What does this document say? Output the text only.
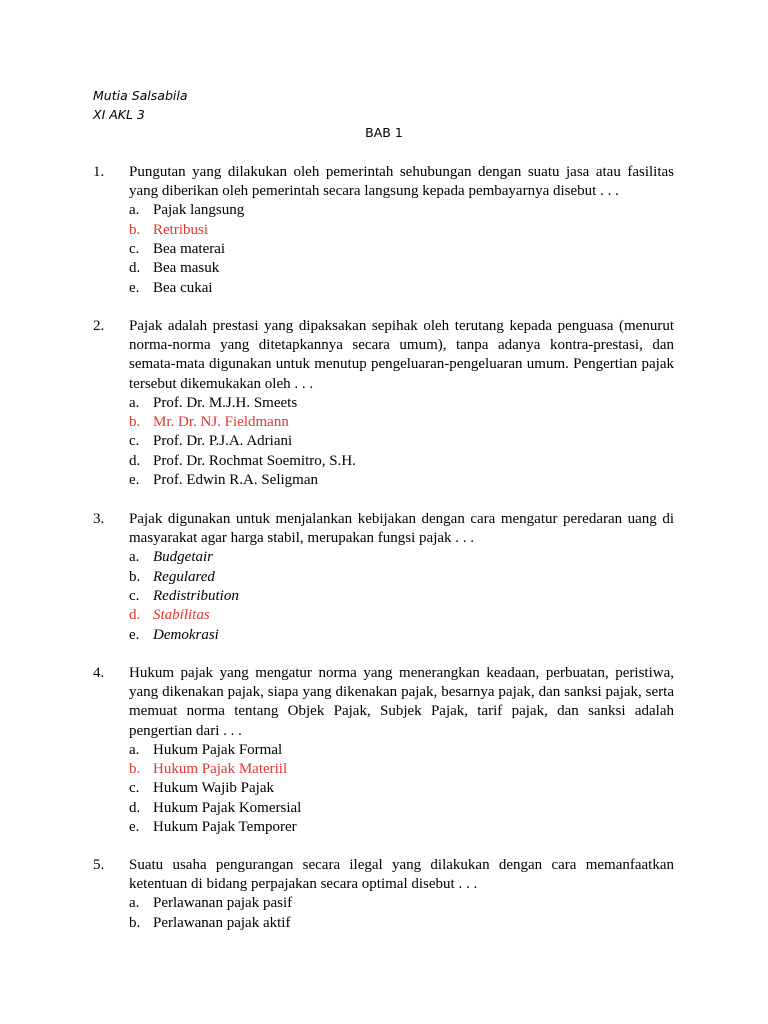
Mutia Salsabila
XI AKL 3
BAB 1
1.	Pungutan yang dilakukan oleh pemerintah sehubungan dengan suatu jasa atau fasilitas yang diberikan oleh pemerintah secara langsung kepada pembayarnya disebut . . .
a. Pajak langsung
b. Retribusi
c. Bea materai
d. Bea masuk
e. Bea cukai
2.	Pajak adalah prestasi yang dipaksakan sepihak oleh terutang kepada penguasa (menurut norma-norma yang ditetapkannya secara umum), tanpa adanya kontra-prestasi, dan semata-mata digunakan untuk menutup pengeluaran-pengeluaran umum. Pengertian pajak tersebut dikemukakan oleh . . .
a. Prof. Dr. M.J.H. Smeets
b. Mr. Dr. NJ. Fieldmann
c. Prof. Dr. P.J.A. Adriani
d. Prof. Dr. Rochmat Soemitro, S.H.
e. Prof. Edwin R.A. Seligman
3.	Pajak digunakan untuk menjalankan kebijakan dengan cara mengatur peredaran uang di masyarakat agar harga stabil, merupakan fungsi pajak . . .
a. Budgetair
b. Regulared
c. Redistribution
d. Stabilitas
e. Demokrasi
4.	Hukum pajak yang mengatur norma yang menerangkan keadaan, perbuatan, peristiwa, yang dikenakan pajak, siapa yang dikenakan pajak, besarnya pajak, dan sanksi pajak, serta memuat norma tentang Objek Pajak, Subjek Pajak, tarif pajak, dan sanksi adalah pengertian dari . . .
a. Hukum Pajak Formal
b. Hukum Pajak Materiil
c. Hukum Wajib Pajak
d. Hukum Pajak Komersial
e. Hukum Pajak Temporer
5.	Suatu usaha pengurangan secara ilegal yang dilakukan dengan cara memanfaatkan ketentuan di bidang perpajakan secara optimal disebut . . .
a. Perlawanan pajak pasif
b. Perlawanan pajak aktif
